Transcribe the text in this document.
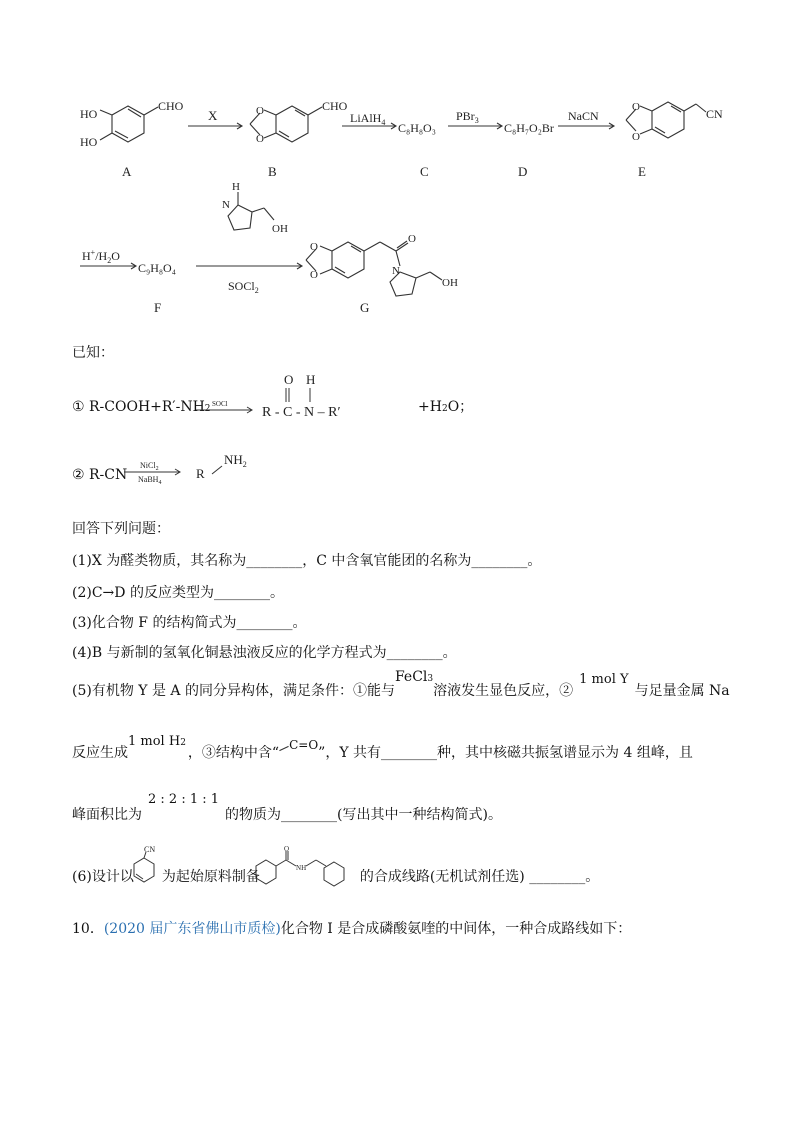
HO
HO
CHO
A
X	O
O
CHO
B
LiAlH$_4$ C₈H₈O₃
C
PBr$_3$
C₈H₇O₂Br
D
NaCN
O
O
CN
E
$H^+/H_2O$
C₉H₈O₄
F
H
N
OH
SOCl$_2$
O
O
O
N
OH
G
已知：
① R-COOH+R′-NH2 SOCl
R - C - N – R′
O H
+H2O；
② R-CN
NiCl$_2$
NaBH$_4$
R
$NH_2$
回答下列问题：
(1)X 为醛类物质，其名称为________，C 中含氧官能团的名称为________。
(2)C→D 的反应类型为________。
(3)化合物 F 的结构简式为________。
(4)B 与新制的氢氧化铜悬浊液反应的化学方程式为________。
(5)有机物 Y 是 A 的同分异构体，满足条件：①能与FeCl3溶液发生显色反应，②1 mol Y与足量金属 Na
反应生成1 mol H2，③结构中含“ C=O”，Y 共有________种，其中核磁共振氢谱显示为 4 组峰，且
峰面积比为2 : 2 : 1 : 1的物质为________(写出其中一种结构简式)。
(6)设计以 为起始原料制备	的合成线路(无机试剂任选) ________。
CN	O
NH
10．(2020 届广东省佛山市质检)化合物 I 是合成磷酸氨喹的中间体，一种合成路线如下：
